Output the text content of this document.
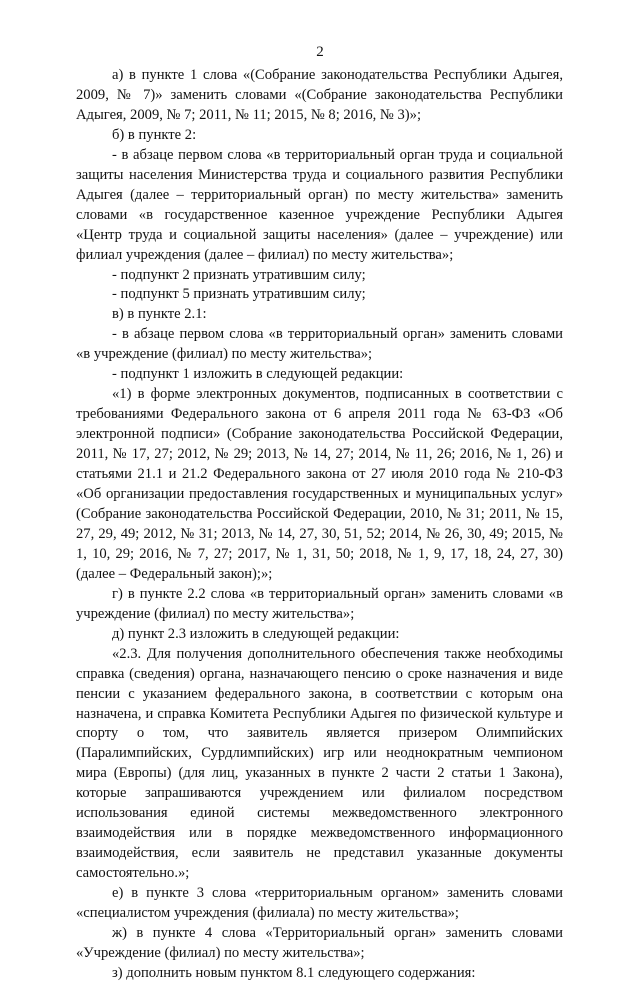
2

а) в пункте 1 слова «(Собрание законодательства Республики Адыгея, 2009, № 7)» заменить словами «(Собрание законодательства Республики Адыгея, 2009, № 7; 2011, № 11; 2015, № 8; 2016, № 3)»;

б) в пункте 2:

- в абзаце первом слова «в территориальный орган труда и социальной защиты населения Министерства труда и социального развития Республики Адыгея (далее – территориальный орган) по месту жительства» заменить словами «в государственное казенное учреждение Республики Адыгея «Центр труда и социальной защиты населения» (далее – учреждение) или филиал учреждения (далее – филиал) по месту жительства»;

- подпункт 2 признать утратившим силу;

- подпункт 5 признать утратившим силу;

в) в пункте 2.1:

- в абзаце первом слова «в территориальный орган» заменить словами «в учреждение (филиал) по месту жительства»;

- подпункт 1 изложить в следующей редакции:

«1) в форме электронных документов, подписанных в соответствии с требованиями Федерального закона от 6 апреля 2011 года № 63-ФЗ «Об электронной подписи» (Собрание законодательства Российской Федерации, 2011, № 17, 27; 2012, № 29; 2013, № 14, 27; 2014, № 11, 26; 2016, № 1, 26) и статьями 21.1 и 21.2 Федерального закона от 27 июля 2010 года № 210-ФЗ «Об организации предоставления государственных и муниципальных услуг» (Собрание законодательства Российской Федерации, 2010, № 31; 2011, № 15, 27, 29, 49; 2012, № 31; 2013, № 14, 27, 30, 51, 52; 2014, № 26, 30, 49; 2015, № 1, 10, 29; 2016, № 7, 27; 2017, № 1, 31, 50; 2018, № 1, 9, 17, 18, 24, 27, 30) (далее – Федеральный закон);»;

г) в пункте 2.2 слова «в территориальный орган» заменить словами «в учреждение (филиал) по месту жительства»;

д) пункт 2.3 изложить в следующей редакции:

«2.3. Для получения дополнительного обеспечения также необходимы справка (сведения) органа, назначающего пенсию о сроке назначения и виде пенсии с указанием федерального закона, в соответствии с которым она назначена, и справка Комитета Республики Адыгея по физической культуре и спорту о том, что заявитель является призером Олимпийских (Паралимпийских, Сурдлимпийских) игр или неоднократным чемпионом мира (Европы) (для лиц, указанных в пункте 2 части 2 статьи 1 Закона), которые запрашиваются учреждением или филиалом посредством использования единой системы межведомственного электронного взаимодействия или в порядке межведомственного информационного взаимодействия, если заявитель не представил указанные документы самостоятельно.»;

е) в пункте 3 слова «территориальным органом» заменить словами «специалистом учреждения (филиала) по месту жительства»;

ж) в пункте 4 слова «Территориальный орган» заменить словами «Учреждение (филиал) по месту жительства»;

з) дополнить новым пунктом 8.1 следующего содержания:
